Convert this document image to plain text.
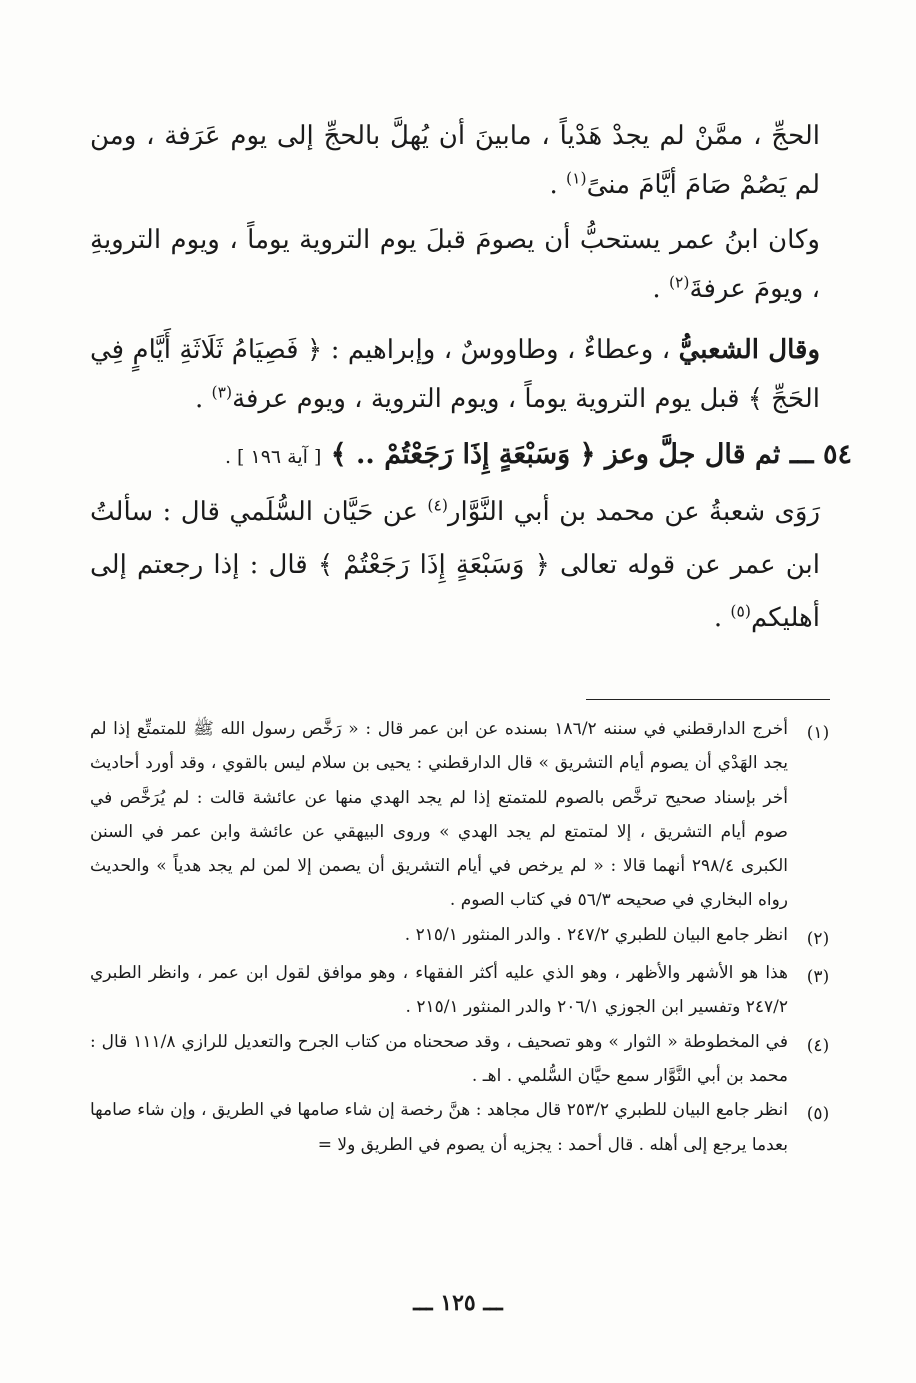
الحجِّ ، ممَّنْ لم يجدْ هَدْياً ، مابينَ أن يُهلَّ بالحجِّ إلى يوم عَرَفة ، ومن لم يَصُمْ صَامَ أيَّامَ منىً$^{(١)}$ .

وكان ابنُ عمر يستحبُّ أن يصومَ قبلَ يوم التروية يوماً ، ويوم الترويةِ ، ويومَ عرفةَ$^{(٢)}$ .

وقال الشعبيُّ ، وعطاءٌ ، وطاووسٌ ، وإبراهيم : ﴿ فَصِيَامُ ثَلَاثَةِ أَيَّامٍ فِي الحَجِّ ﴾ قبل يوم التروية يوماً ، ويوم التروية ، ويوم عرفة$^{(٣)}$ .

٥٤ ـــ ثم قال جلَّ وعز ﴿ وَسَبْعَةٍ إِذَا رَجَعْتُمْ .. ﴾ [ آية ١٩٦ ] .

رَوَى شعبةُ عن محمد بن أبي النَّوَّار$^{(٤)}$ عن حَيَّان السُّلَمي قال : سألتُ ابن عمر عن قوله تعالى ﴿ وَسَبْعَةٍ إِذَا رَجَعْتُمْ ﴾ قال : إذا رجعتم إلى أهليكم$^{(٥)}$ .

(١)
أخرج الدارقطني في سننه ١٨٦/٢ بسنده عن ابن عمر قال : « رَخَّص رسول الله ﷺ للمتمتِّع إذا لم يجد الهَدْي أن يصوم أيام التشريق » قال الدارقطني : يحيى بن سلام ليس بالقوي ، وقد أورد أحاديث أخر بإسناد صحيح ترخَّص بالصوم للمتمتع إذا لم يجد الهدي منها عن عائشة قالت : لم يُرَخَّص في صوم أيام التشريق ، إلا لمتمتع لم يجد الهدي » وروى البيهقي عن عائشة وابن عمر في السنن الكبرى ٢٩٨/٤ أنهما قالا : « لم يرخص في أيام التشريق أن يصمن إلا لمن لم يجد هدياً » والحديث رواه البخاري في صحيحه ٥٦/٣ في كتاب الصوم .
(٢)
انظر جامع البيان للطبري ٢٤٧/٢ . والدر المنثور ٢١٥/١ .
(٣)
هذا هو الأشهر والأظهر ، وهو الذي عليه أكثر الفقهاء ، وهو موافق لقول ابن عمر ، وانظر الطبري ٢٤٧/٢ وتفسير ابن الجوزي ٢٠٦/١ والدر المنثور ٢١٥/١ .
(٤)
في المخطوطة « الثوار » وهو تصحيف ، وقد صححناه من كتاب الجرح والتعديل للرازي ١١١/٨ قال : محمد بن أبي النَّوَّار سمع حيَّان السُّلمي . اهـ .
(٥)
انظر جامع البيان للطبري ٢٥٣/٢ قال مجاهد : هنَّ رخصة إن شاء صامها في الطريق ، وإن شاء صامها بعدما يرجع إلى أهله . قال أحمد : يجزيه أن يصوم في الطريق ولا =
ـــ ١٢٥ ـــ
